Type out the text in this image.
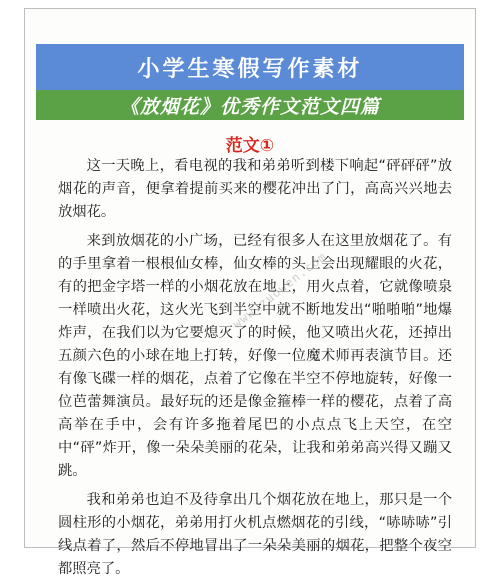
小学生寒假写作素材
《放烟花》优秀作文范文四篇
范文①

这一天晚上，看电视的我和弟弟听到楼下响起“砰砰砰”放烟花的声音，便拿着提前买来的樱花冲出了门，高高兴兴地去放烟花。

来到放烟花的小广场，已经有很多人在这里放烟花了。有的手里拿着一根根仙女棒，仙女棒的头上会出现耀眼的火花，有的把金字塔一样的小烟花放在地上，用火点着，它就像喷泉一样喷出火花，这火光飞到半空中就不断地发出“啪啪啪”地爆炸声，在我们以为它要熄灭了的时候，他又喷出火花，还掉出五颜六色的小球在地上打转，好像一位魔术师再表演节目。还有像飞碟一样的烟花，点着了它像在半空不停地旋转，好像一位芭蕾舞演员。最好玩的还是像金箍棒一样的樱花，点着了高高举在手中，会有许多拖着尾巴的小点点飞上天空，在空中“砰”炸开，像一朵朵美丽的花朵，让我和弟弟高兴得又蹦又跳。

我和弟弟也迫不及待拿出几个烟花放在地上，那只是一个圆柱形的小烟花，弟弟用打火机点燃烟花的引线，“哧哧哧”引线点着了，然后不停地冒出了一朵朵美丽的烟花，把整个夜空都照亮了。

www.zuowen.com
